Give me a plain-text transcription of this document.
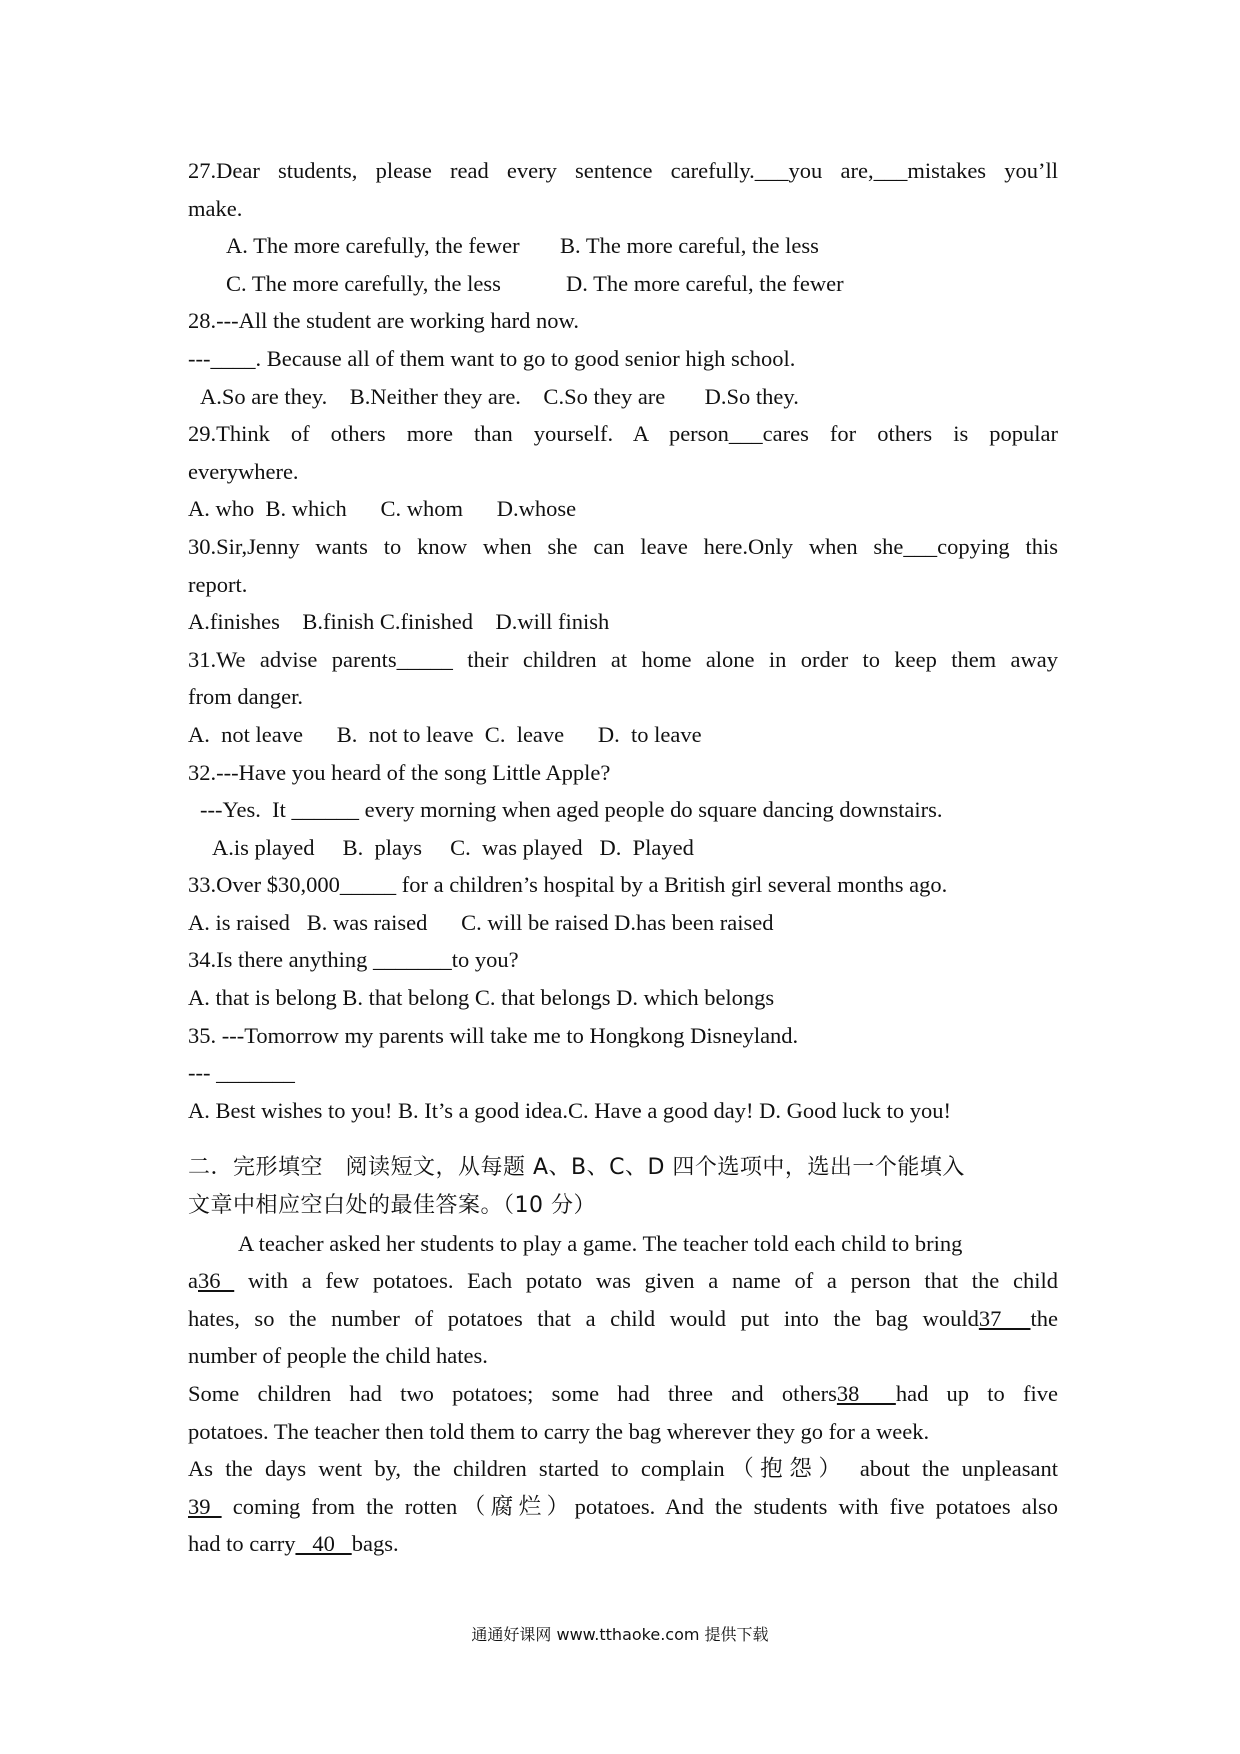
27.Dear students, please read every sentence carefully.___you are,___mistakes you’ll
make.
A. The more carefully, the fewer B. The more careful, the less
C. The more carefully, the less	D. The more careful, the fewer
28.---All the student are working hard now.
---____. Because all of them want to go to good senior high school.
A.So are they.    B.Neither they are.    C.So they are       D.So they.
29.Think of others more than yourself. A person___cares for others is popular
everywhere.
A. who  B. which      C. whom      D.whose
30.Sir,Jenny wants to know when she can leave here.Only when she___copying this
report.
A.finishes    B.finish C.finished    D.will finish
31.We advise parents_____ their children at home alone in order to keep them away
from danger.
A.  not leave      B.  not to leave  C.  leave      D.  to leave
32.---Have you heard of the song Little Apple?
---Yes.  It ______ every morning when aged people do square dancing downstairs.
A.is played     B.  plays     C.  was played   D.  Played
33.Over $30,000_____ for a children’s hospital by a British girl several months ago.
A. is raised   B. was raised      C. will be raised D.has been raised
34.Is there anything _______to you?
A. that is belong B. that belong C. that belongs D. which belongs
35. ---Tomorrow my parents will take me to Hongkong Disneyland.
--- _______
A. Best wishes to you! B. It’s a good idea.C. Have a good day! D. Good luck to you!
二．完形填空   阅读短文，从每题 A、B、C、D 四个选项中，选出一个能填入
文章中相应空白处的最佳答案。（10 分）
A teacher asked her students to play a game. The teacher told each child to bring
a36  with a few potatoes. Each potato was given a name of a person that the child
hates, so the number of potatoes that a child would put into the bag would37  the
number of people the child hates.
Some children had two potatoes; some had three and others38  had up to five
potatoes. The teacher then told them to carry the bag wherever they go for a week.
As the days went by, the children started to complain（抱怨） about the unpleasant
39  coming from the rotten（腐烂）potatoes. And the students with five potatoes also
had to carry   40   bags.
通通好课网 www.tthaoke.com 提供下载
